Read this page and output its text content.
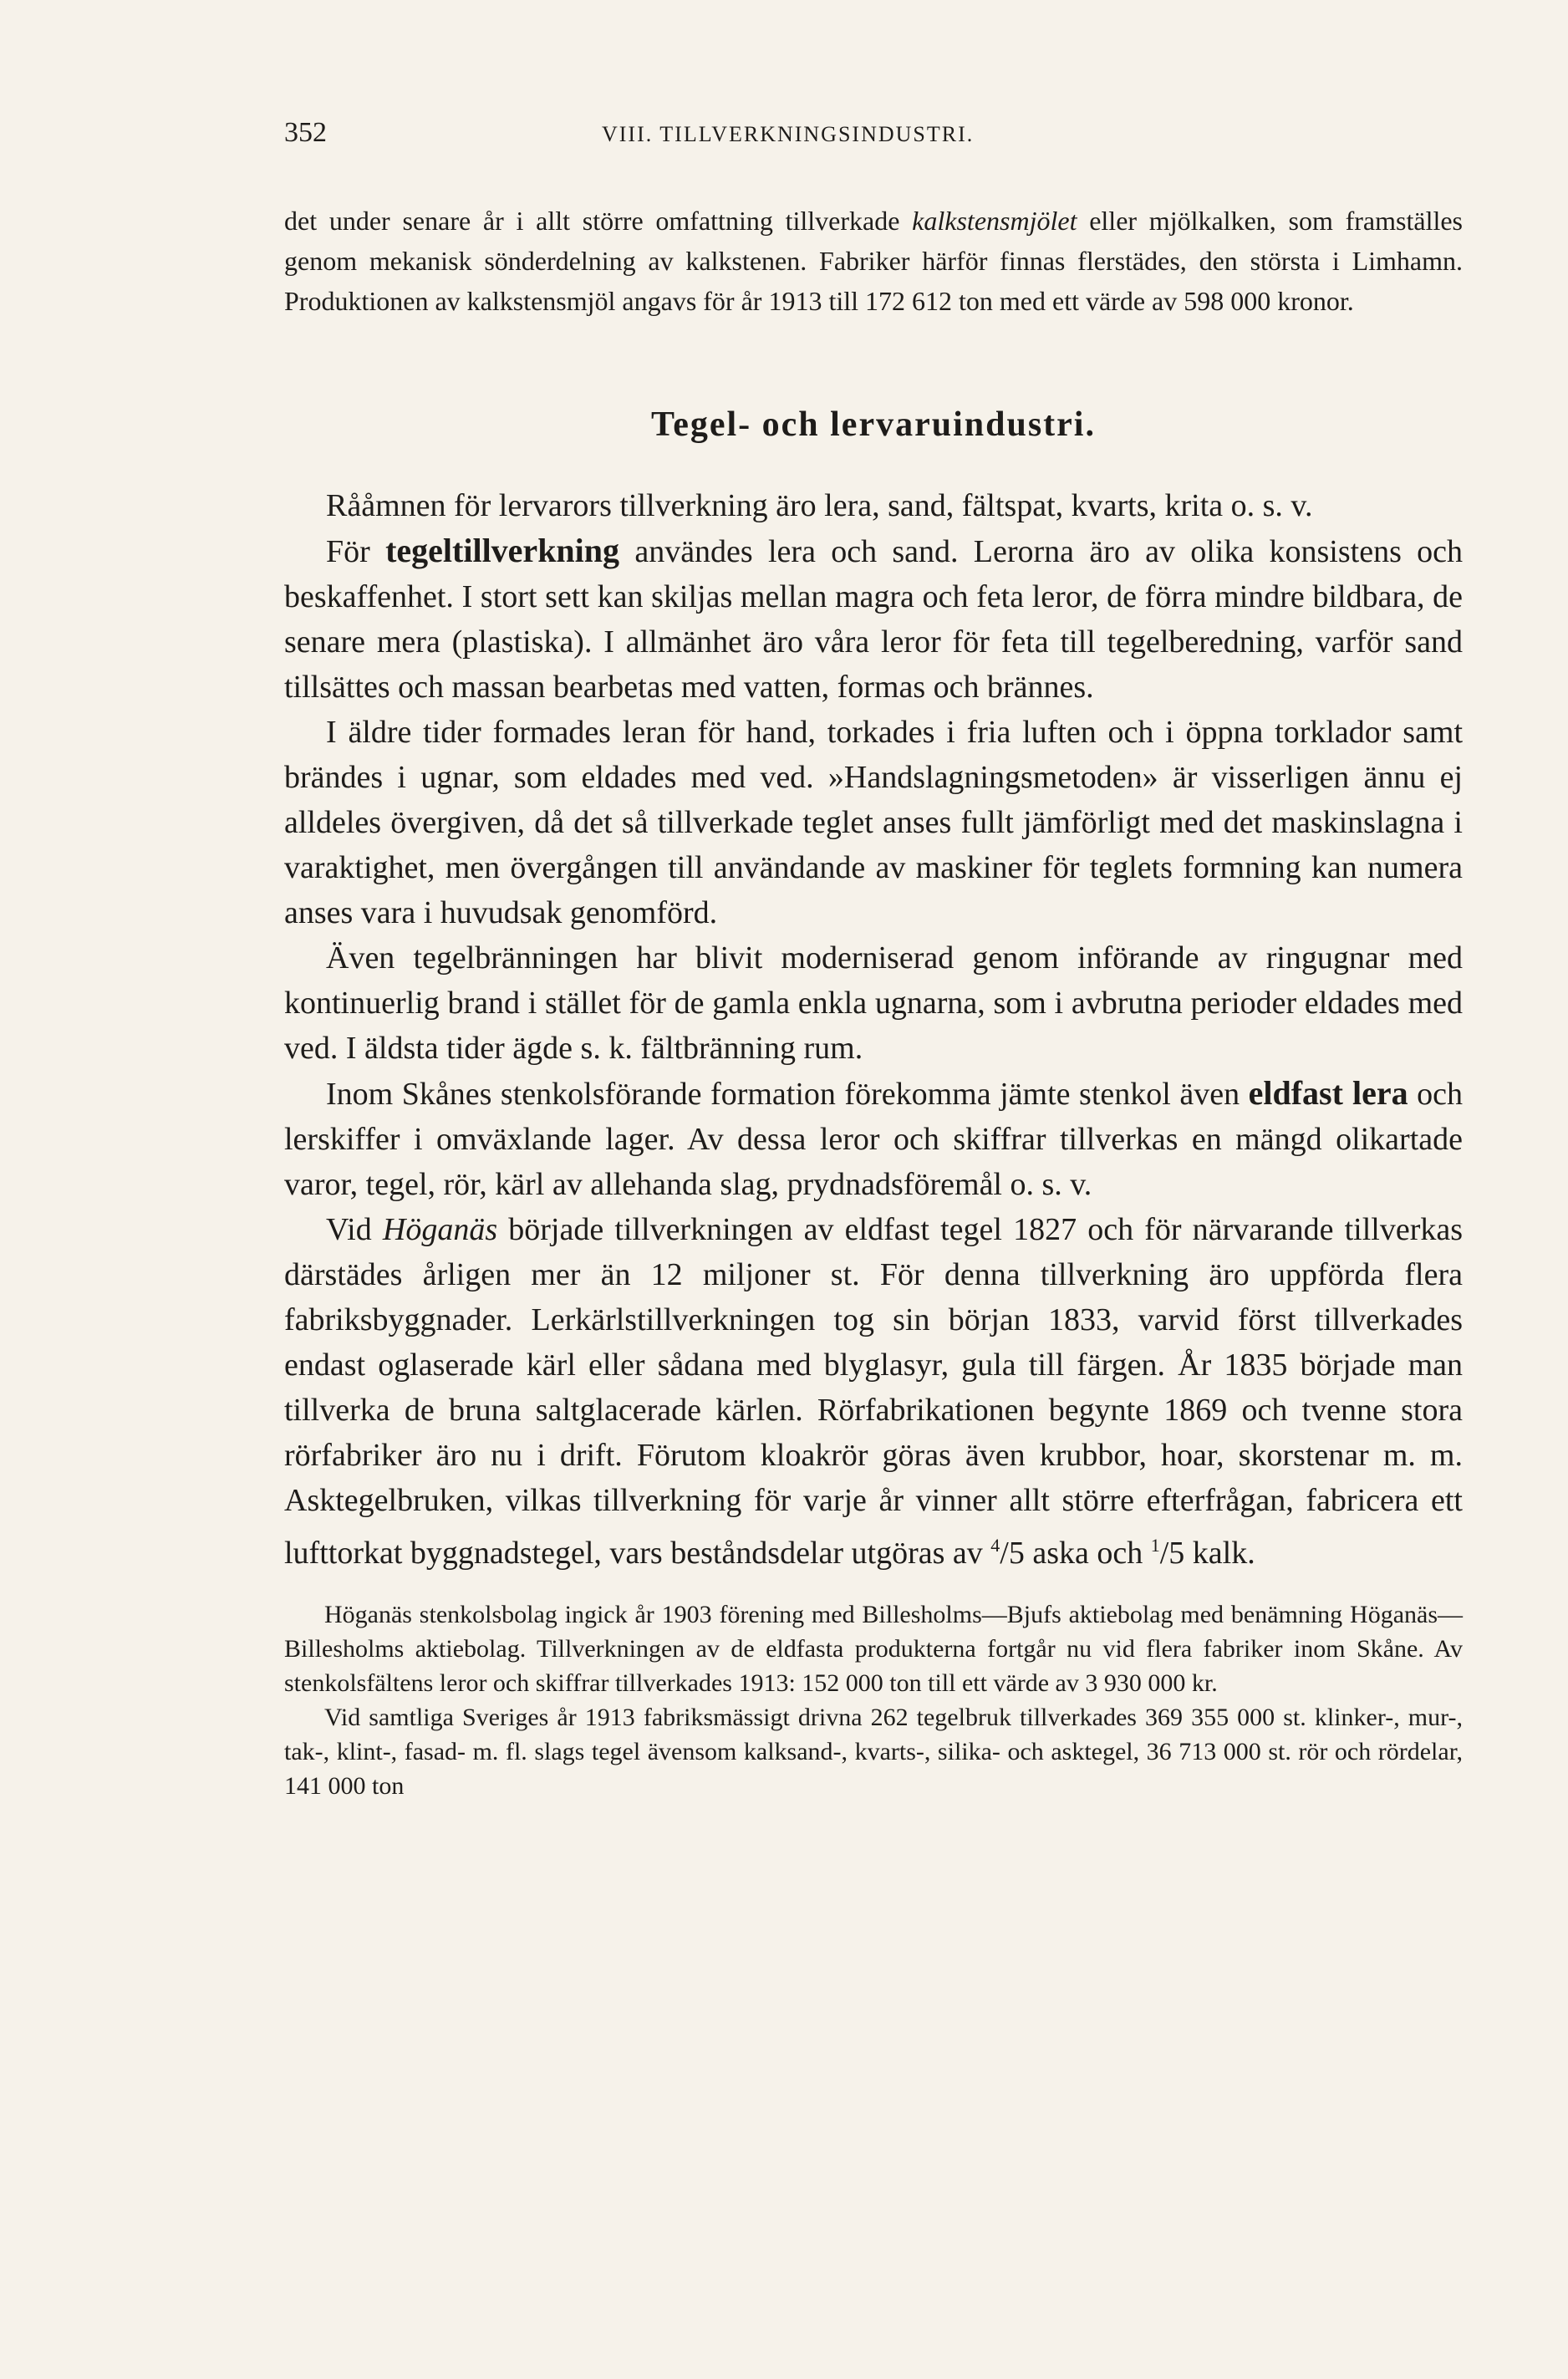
352	VIII. TILLVERKNINGSINDUSTRI.

det under senare år i allt större omfattning tillverkade kalkstensmjölet eller mjölkalken, som framställes genom mekanisk sönderdelning av kalkstenen. Fabriker härför finnas flerstädes, den största i Limhamn. Produktionen av kalkstensmjöl angavs för år 1913 till 172 612 ton med ett värde av 598 000 kronor.

Tegel- och lervaruindustri.

Rååmnen för lervarors tillverkning äro lera, sand, fältspat, kvarts, krita o. s. v.

För tegeltillverkning användes lera och sand. Lerorna äro av olika konsistens och beskaffenhet. I stort sett kan skiljas mellan magra och feta leror, de förra mindre bildbara, de senare mera (plastiska). I allmänhet äro våra leror för feta till tegelberedning, varför sand tillsättes och massan bearbetas med vatten, formas och brännes.

I äldre tider formades leran för hand, torkades i fria luften och i öppna torklador samt brändes i ugnar, som eldades med ved. »Handslagningsmetoden» är visserligen ännu ej alldeles övergiven, då det så tillverkade teglet anses fullt jämförligt med det maskinslagna i varaktighet, men övergången till användande av maskiner för teglets formning kan numera anses vara i huvudsak genomförd.

Även tegelbränningen har blivit moderniserad genom införande av ringugnar med kontinuerlig brand i stället för de gamla enkla ugnarna, som i avbrutna perioder eldades med ved. I äldsta tider ägde s. k. fältbränning rum.

Inom Skånes stenkolsförande formation förekomma jämte stenkol även eldfast lera och lerskiffer i omväxlande lager. Av dessa leror och skiffrar tillverkas en mängd olikartade varor, tegel, rör, kärl av allehanda slag, prydnadsföremål o. s. v.

Vid Höganäs började tillverkningen av eldfast tegel 1827 och för närvarande tillverkas därstädes årligen mer än 12 miljoner st. För denna tillverkning äro uppförda flera fabriksbyggnader. Lerkärlstillverkningen tog sin början 1833, varvid först tillverkades endast oglaserade kärl eller sådana med blyglasyr, gula till färgen. År 1835 började man tillverka de bruna saltglacerade kärlen. Rörfabrikationen begynte 1869 och tvenne stora rörfabriker äro nu i drift. Förutom kloakrör göras även krubbor, hoar, skorstenar m. m. Asktegelbruken, vilkas tillverkning för varje år vinner allt större efterfrågan, fabricera ett lufttorkat byggnadstegel, vars beståndsdelar utgöras av $^4$/5 aska och $^1$/5 kalk.

Höganäs stenkolsbolag ingick år 1903 förening med Billesholms—Bjufs aktiebolag med benämning Höganäs—Billesholms aktiebolag. Tillverkningen av de eldfasta produkterna fortgår nu vid flera fabriker inom Skåne. Av stenkolsfältens leror och skiffrar tillverkades 1913: 152 000 ton till ett värde av 3 930 000 kr.

Vid samtliga Sveriges år 1913 fabriksmässigt drivna 262 tegelbruk tillverkades 369 355 000 st. klinker-, mur-, tak-, klint-, fasad- m. fl. slags tegel ävensom kalksand-, kvarts-, silika- och asktegel, 36 713 000 st. rör och rördelar, 141 000 ton
